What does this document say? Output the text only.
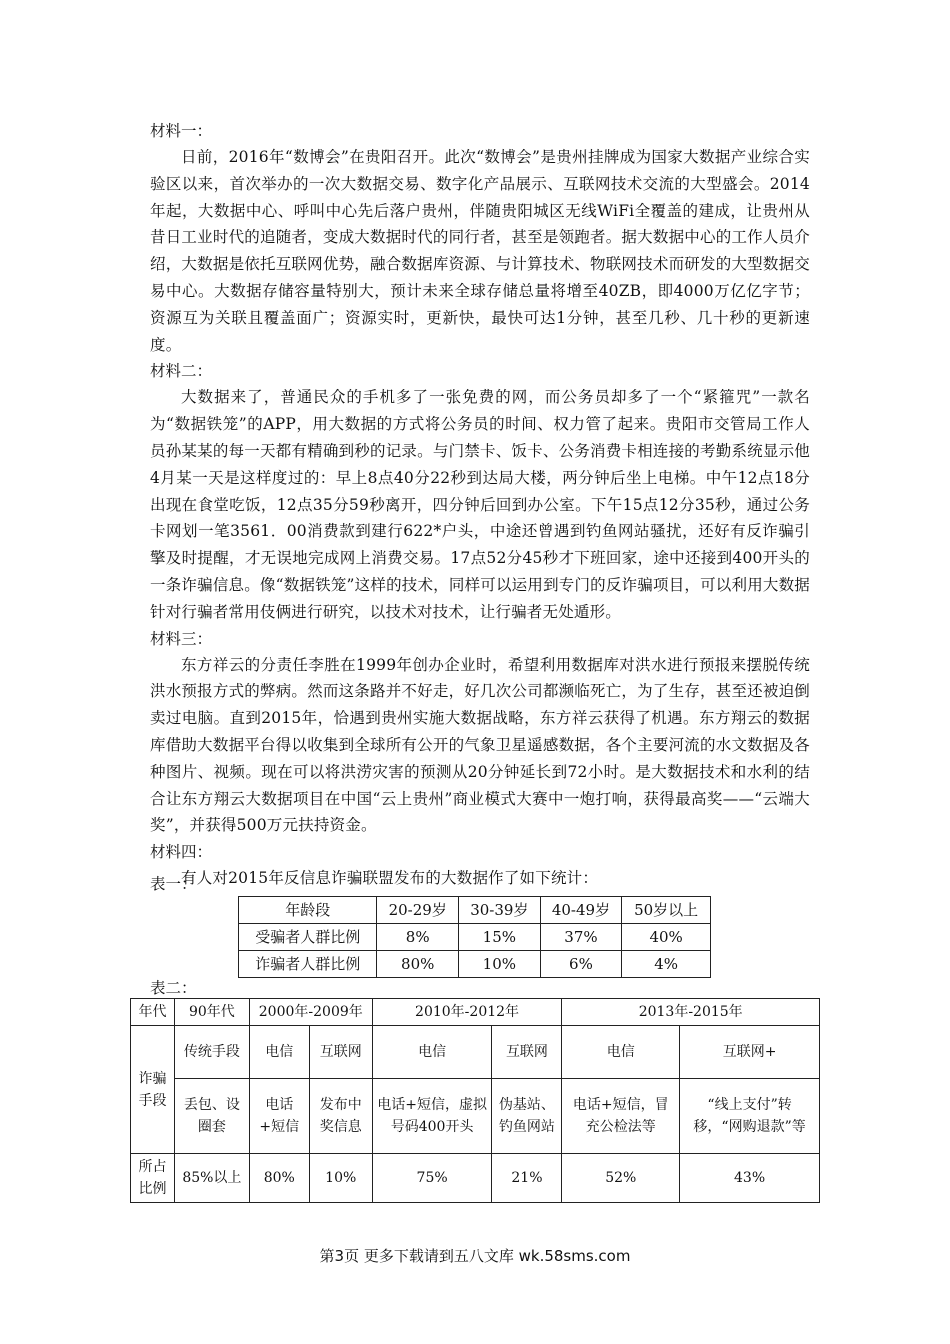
材料一：

日前，2016年“数博会”在贵阳召开。此次“数博会”是贵州挂牌成为国家大数据产业综合实验区以来，首次举办的一次大数据交易、数字化产品展示、互联网技术交流的大型盛会。2014年起，大数据中心、呼叫中心先后落户贵州，伴随贵阳城区无线WiFi全覆盖的建成，让贵州从昔日工业时代的追随者，变成大数据时代的同行者，甚至是领跑者。据大数据中心的工作人员介绍，大数据是依托互联网优势，融合数据库资源、与计算技术、物联网技术而研发的大型数据交易中心。大数据存储容量特别大，预计未来全球存储总量将增至40ZB，即4000万亿亿字节；资源互为关联且覆盖面广；资源实时，更新快，最快可达1分钟，甚至几秒、几十秒的更新速度。

材料二：

大数据来了，普通民众的手机多了一张免费的网，而公务员却多了一个“紧箍咒”一款名为“数据铁笼”的APP，用大数据的方式将公务员的时间、权力管了起来。贵阳市交管局工作人员孙某某的每一天都有精确到秒的记录。与门禁卡、饭卡、公务消费卡相连接的考勤系统显示他4月某一天是这样度过的：早上8点40分22秒到达局大楼，两分钟后坐上电梯。中午12点18分出现在食堂吃饭，12点35分59秒离开，四分钟后回到办公室。下午15点12分35秒，通过公务卡网划一笔3561．00消费款到建行622*户头，中途还曾遇到钓鱼网站骚扰，还好有反诈骗引擎及时提醒，才无误地完成网上消费交易。17点52分45秒才下班回家，途中还接到400开头的一条诈骗信息。像“数据铁笼”这样的技术，同样可以运用到专门的反诈骗项目，可以利用大数据针对行骗者常用伎俩进行研究，以技术对技术，让行骗者无处遁形。

材料三：

东方祥云的分责任李胜在1999年创办企业时，希望利用数据库对洪水进行预报来摆脱传统洪水预报方式的弊病。然而这条路并不好走，好几次公司都濒临死亡，为了生存，甚至还被迫倒卖过电脑。直到2015年，恰遇到贵州实施大数据战略，东方祥云获得了机遇。东方翔云的数据库借助大数据平台得以收集到全球所有公开的气象卫星遥感数据，各个主要河流的水文数据及各种图片、视频。现在可以将洪涝灾害的预测从20分钟延长到72小时。是大数据技术和水利的结合让东方翔云大数据项目在中国“云上贵州”商业模式大赛中一炮打响，获得最高奖——“云端大奖”，并获得500万元扶持资金。

材料四：

有人对2015年反信息诈骗联盟发布的大数据作了如下统计：

表一：
年龄段	20-29岁	30-39岁	40-49岁	50岁以上
受骗者人群比例	8%	15%	37%	40%
诈骗者人群比例	80%	10%	6%	4%
表二：
年代	90年代	2000年-2009年		2010年-2012年		2013年-2015年	
诈骗手段	传统手段	电信	互联网	电信	互联网	电信	互联网+
	丢包、设圈套	电话+短信	发布中奖信息	电话+短信，虚拟号码400开头	伪基站、钓鱼网站	电话+短信，冒充公检法等	“线上支付”转移，“网购退款”等
所占比例	85%以上	80%	10%	75%	21%	52%	43%
第3页 更多下载请到五八文库 wk.58sms.com
